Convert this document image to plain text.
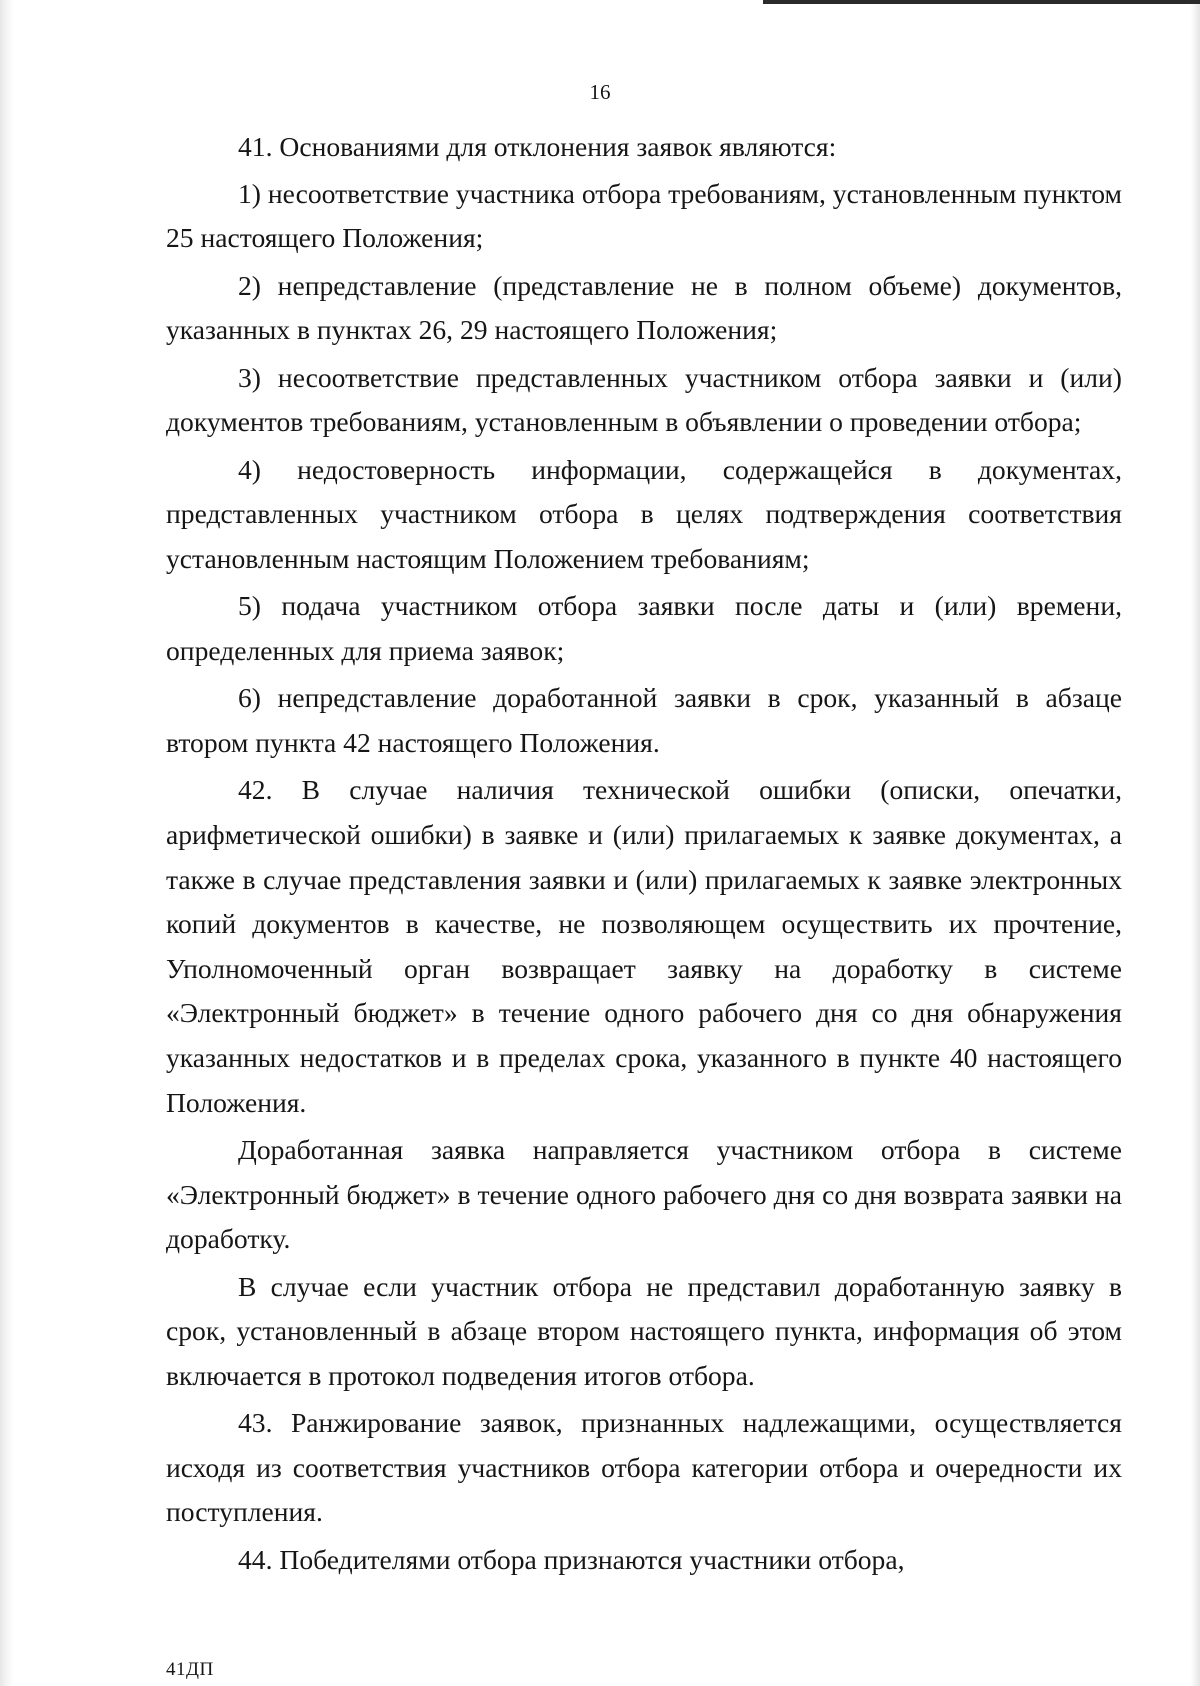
16

41. Основаниями для отклонения заявок являются:

1) несоответствие участника отбора требованиям, установленным пунктом 25 настоящего Положения;

2) непредставление (представление не в полном объеме) документов, указанных в пунктах 26, 29 настоящего Положения;

3) несоответствие представленных участником отбора заявки и (или) документов требованиям, установленным в объявлении о проведении отбора;

4) недостоверность информации, содержащейся в документах, представленных участником отбора в целях подтверждения соответствия установленным настоящим Положением требованиям;

5) подача участником отбора заявки после даты и (или) времени, определенных для приема заявок;

6) непредставление доработанной заявки в срок, указанный в абзаце втором пункта 42 настоящего Положения.

42. В случае наличия технической ошибки (описки, опечатки, арифметической ошибки) в заявке и (или) прилагаемых к заявке документах, а также в случае представления заявки и (или) прилагаемых к заявке электронных копий документов в качестве, не позволяющем осуществить их прочтение, Уполномоченный орган возвращает заявку на доработку в системе «Электронный бюджет» в течение одного рабочего дня со дня обнаружения указанных недостатков и в пределах срока, указанного в пункте 40 настоящего Положения.

Доработанная заявка направляется участником отбора в системе «Электронный бюджет» в течение одного рабочего дня со дня возврата заявки на доработку.

В случае если участник отбора не представил доработанную заявку в срок, установленный в абзаце втором настоящего пункта, информация об этом включается в протокол подведения итогов отбора.

43. Ранжирование заявок, признанных надлежащими, осуществляется исходя из соответствия участников отбора категории отбора и очередности их поступления.

44. Победителями отбора признаются участники отбора,

41ДП
